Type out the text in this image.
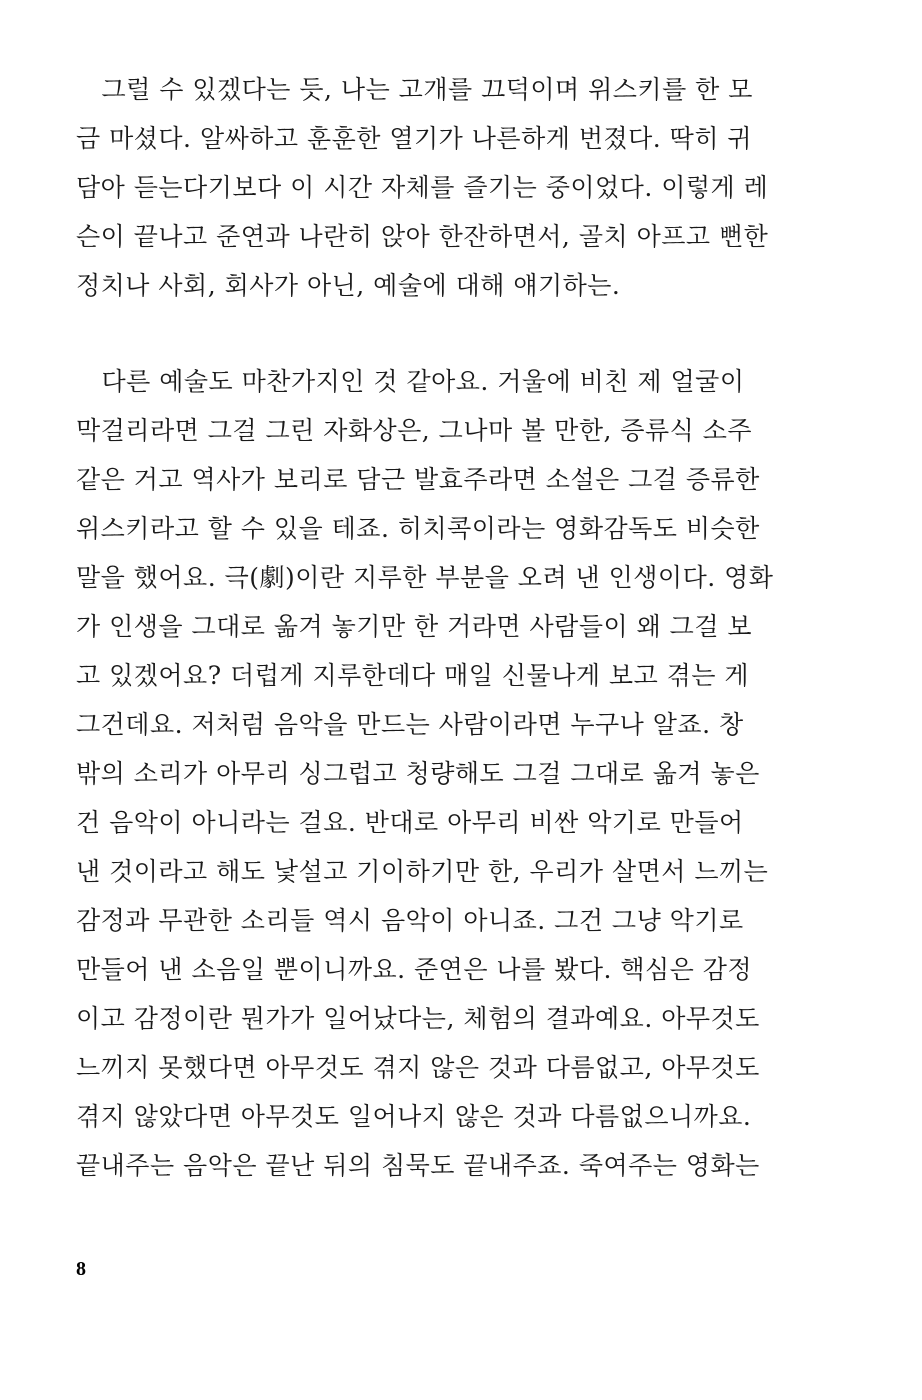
　그럴 수 있겠다는 듯, 나는 고개를 끄덕이며 위스키를 한 모
금 마셨다. 알싸하고 훈훈한 열기가 나른하게 번졌다. 딱히 귀
담아 듣는다기보다 이 시간 자체를 즐기는 중이었다. 이렇게 레
슨이 끝나고 준연과 나란히 앉아 한잔하면서, 골치 아프고 뻔한
정치나 사회, 회사가 아닌, 예술에 대해 얘기하는.
　다른 예술도 마찬가지인 것 같아요. 거울에 비친 제 얼굴이
막걸리라면 그걸 그린 자화상은, 그나마 볼 만한, 증류식 소주
같은 거고 역사가 보리로 담근 발효주라면 소설은 그걸 증류한
위스키라고 할 수 있을 테죠. 히치콕이라는 영화감독도 비슷한
말을 했어요. 극(劇)이란 지루한 부분을 오려 낸 인생이다. 영화
가 인생을 그대로 옮겨 놓기만 한 거라면 사람들이 왜 그걸 보
고 있겠어요? 더럽게 지루한데다 매일 신물나게 보고 겪는 게
그건데요. 저처럼 음악을 만드는 사람이라면 누구나 알죠. 창
밖의 소리가 아무리 싱그럽고 청량해도 그걸 그대로 옮겨 놓은
건 음악이 아니라는 걸요. 반대로 아무리 비싼 악기로 만들어
낸 것이라고 해도 낯설고 기이하기만 한, 우리가 살면서 느끼는
감정과 무관한 소리들 역시 음악이 아니죠. 그건 그냥 악기로
만들어 낸 소음일 뿐이니까요. 준연은 나를 봤다. 핵심은 감정
이고 감정이란 뭔가가 일어났다는, 체험의 결과예요. 아무것도
느끼지 못했다면 아무것도 겪지 않은 것과 다름없고, 아무것도
겪지 않았다면 아무것도 일어나지 않은 것과 다름없으니까요.
끝내주는 음악은 끝난 뒤의 침묵도 끝내주죠. 죽여주는 영화는
8
